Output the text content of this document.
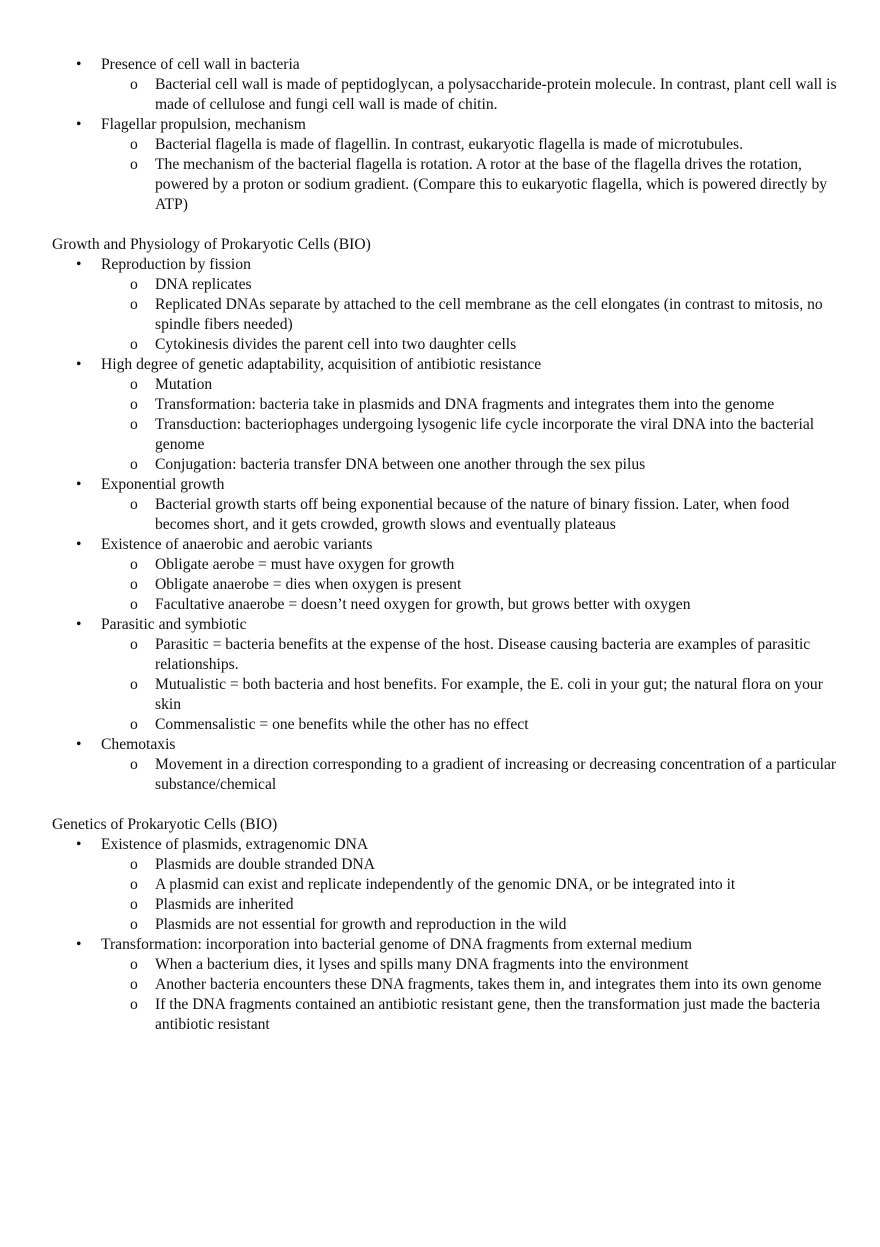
• Presence of cell wall in bacteria
o Bacterial cell wall is made of peptidoglycan, a polysaccharide-protein molecule. In contrast, plant cell wall is made of cellulose and fungi cell wall is made of chitin.
• Flagellar propulsion, mechanism
o Bacterial flagella is made of flagellin. In contrast, eukaryotic flagella is made of microtubules.
o The mechanism of the bacterial flagella is rotation. A rotor at the base of the flagella drives the rotation, powered by a proton or sodium gradient. (Compare this to eukaryotic flagella, which is powered directly by ATP)
Growth and Physiology of Prokaryotic Cells (BIO)
• Reproduction by fission
o DNA replicates
o Replicated DNAs separate by attached to the cell membrane as the cell elongates (in contrast to mitosis, no spindle fibers needed)
o Cytokinesis divides the parent cell into two daughter cells
• High degree of genetic adaptability, acquisition of antibiotic resistance
o Mutation
o Transformation: bacteria take in plasmids and DNA fragments and integrates them into the genome
o Transduction: bacteriophages undergoing lysogenic life cycle incorporate the viral DNA into the bacterial genome
o Conjugation: bacteria transfer DNA between one another through the sex pilus
• Exponential growth
o Bacterial growth starts off being exponential because of the nature of binary fission. Later, when food becomes short, and it gets crowded, growth slows and eventually plateaus
• Existence of anaerobic and aerobic variants
o Obligate aerobe = must have oxygen for growth
o Obligate anaerobe = dies when oxygen is present
o Facultative anaerobe = doesn’t need oxygen for growth, but grows better with oxygen
• Parasitic and symbiotic
o Parasitic = bacteria benefits at the expense of the host. Disease causing bacteria are examples of parasitic relationships.
o Mutualistic = both bacteria and host benefits. For example, the E. coli in your gut; the natural flora on your skin
o Commensalistic = one benefits while the other has no effect
• Chemotaxis
o Movement in a direction corresponding to a gradient of increasing or decreasing concentration of a particular substance/chemical
Genetics of Prokaryotic Cells (BIO)
• Existence of plasmids, extragenomic DNA
o Plasmids are double stranded DNA
o A plasmid can exist and replicate independently of the genomic DNA, or be integrated into it
o Plasmids are inherited
o Plasmids are not essential for growth and reproduction in the wild
• Transformation: incorporation into bacterial genome of DNA fragments from external medium
o When a bacterium dies, it lyses and spills many DNA fragments into the environment
o Another bacteria encounters these DNA fragments, takes them in, and integrates them into its own genome
o If the DNA fragments contained an antibiotic resistant gene, then the transformation just made the bacteria antibiotic resistant
